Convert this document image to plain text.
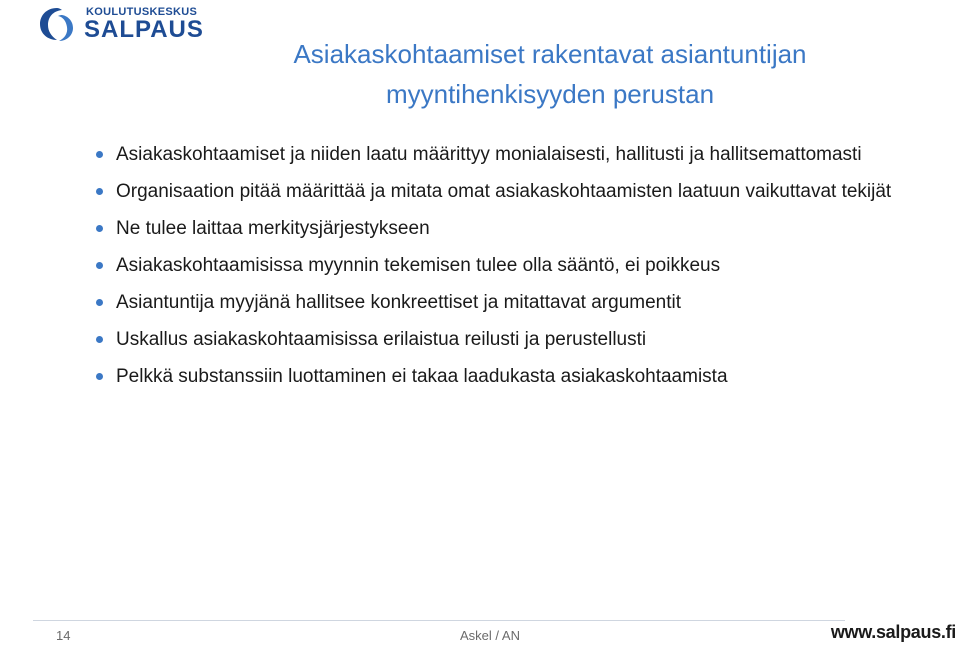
KOULUTUSKESKUS
SALPAUS
Asiakaskohtaamiset rakentavat asiantuntijan
myyntihenkisyyden perustan
Asiakaskohtaamiset ja niiden laatu määrittyy monialaisesti, hallitusti ja hallitsemattomasti
Organisaation pitää määrittää ja mitata omat asiakaskohtaamisten laatuun vaikuttavat tekijät
Ne tulee laittaa merkitysjärjestykseen
Asiakaskohtaamisissa myynnin tekemisen tulee olla sääntö, ei poikkeus
Asiantuntija myyjänä hallitsee konkreettiset ja mitattavat argumentit
Uskallus asiakaskohtaamisissa erilaistua reilusti ja perustellusti
Pelkkä substanssiin luottaminen ei takaa laadukasta asiakaskohtaamista
14	Askel / AN	www.salpaus.fi
